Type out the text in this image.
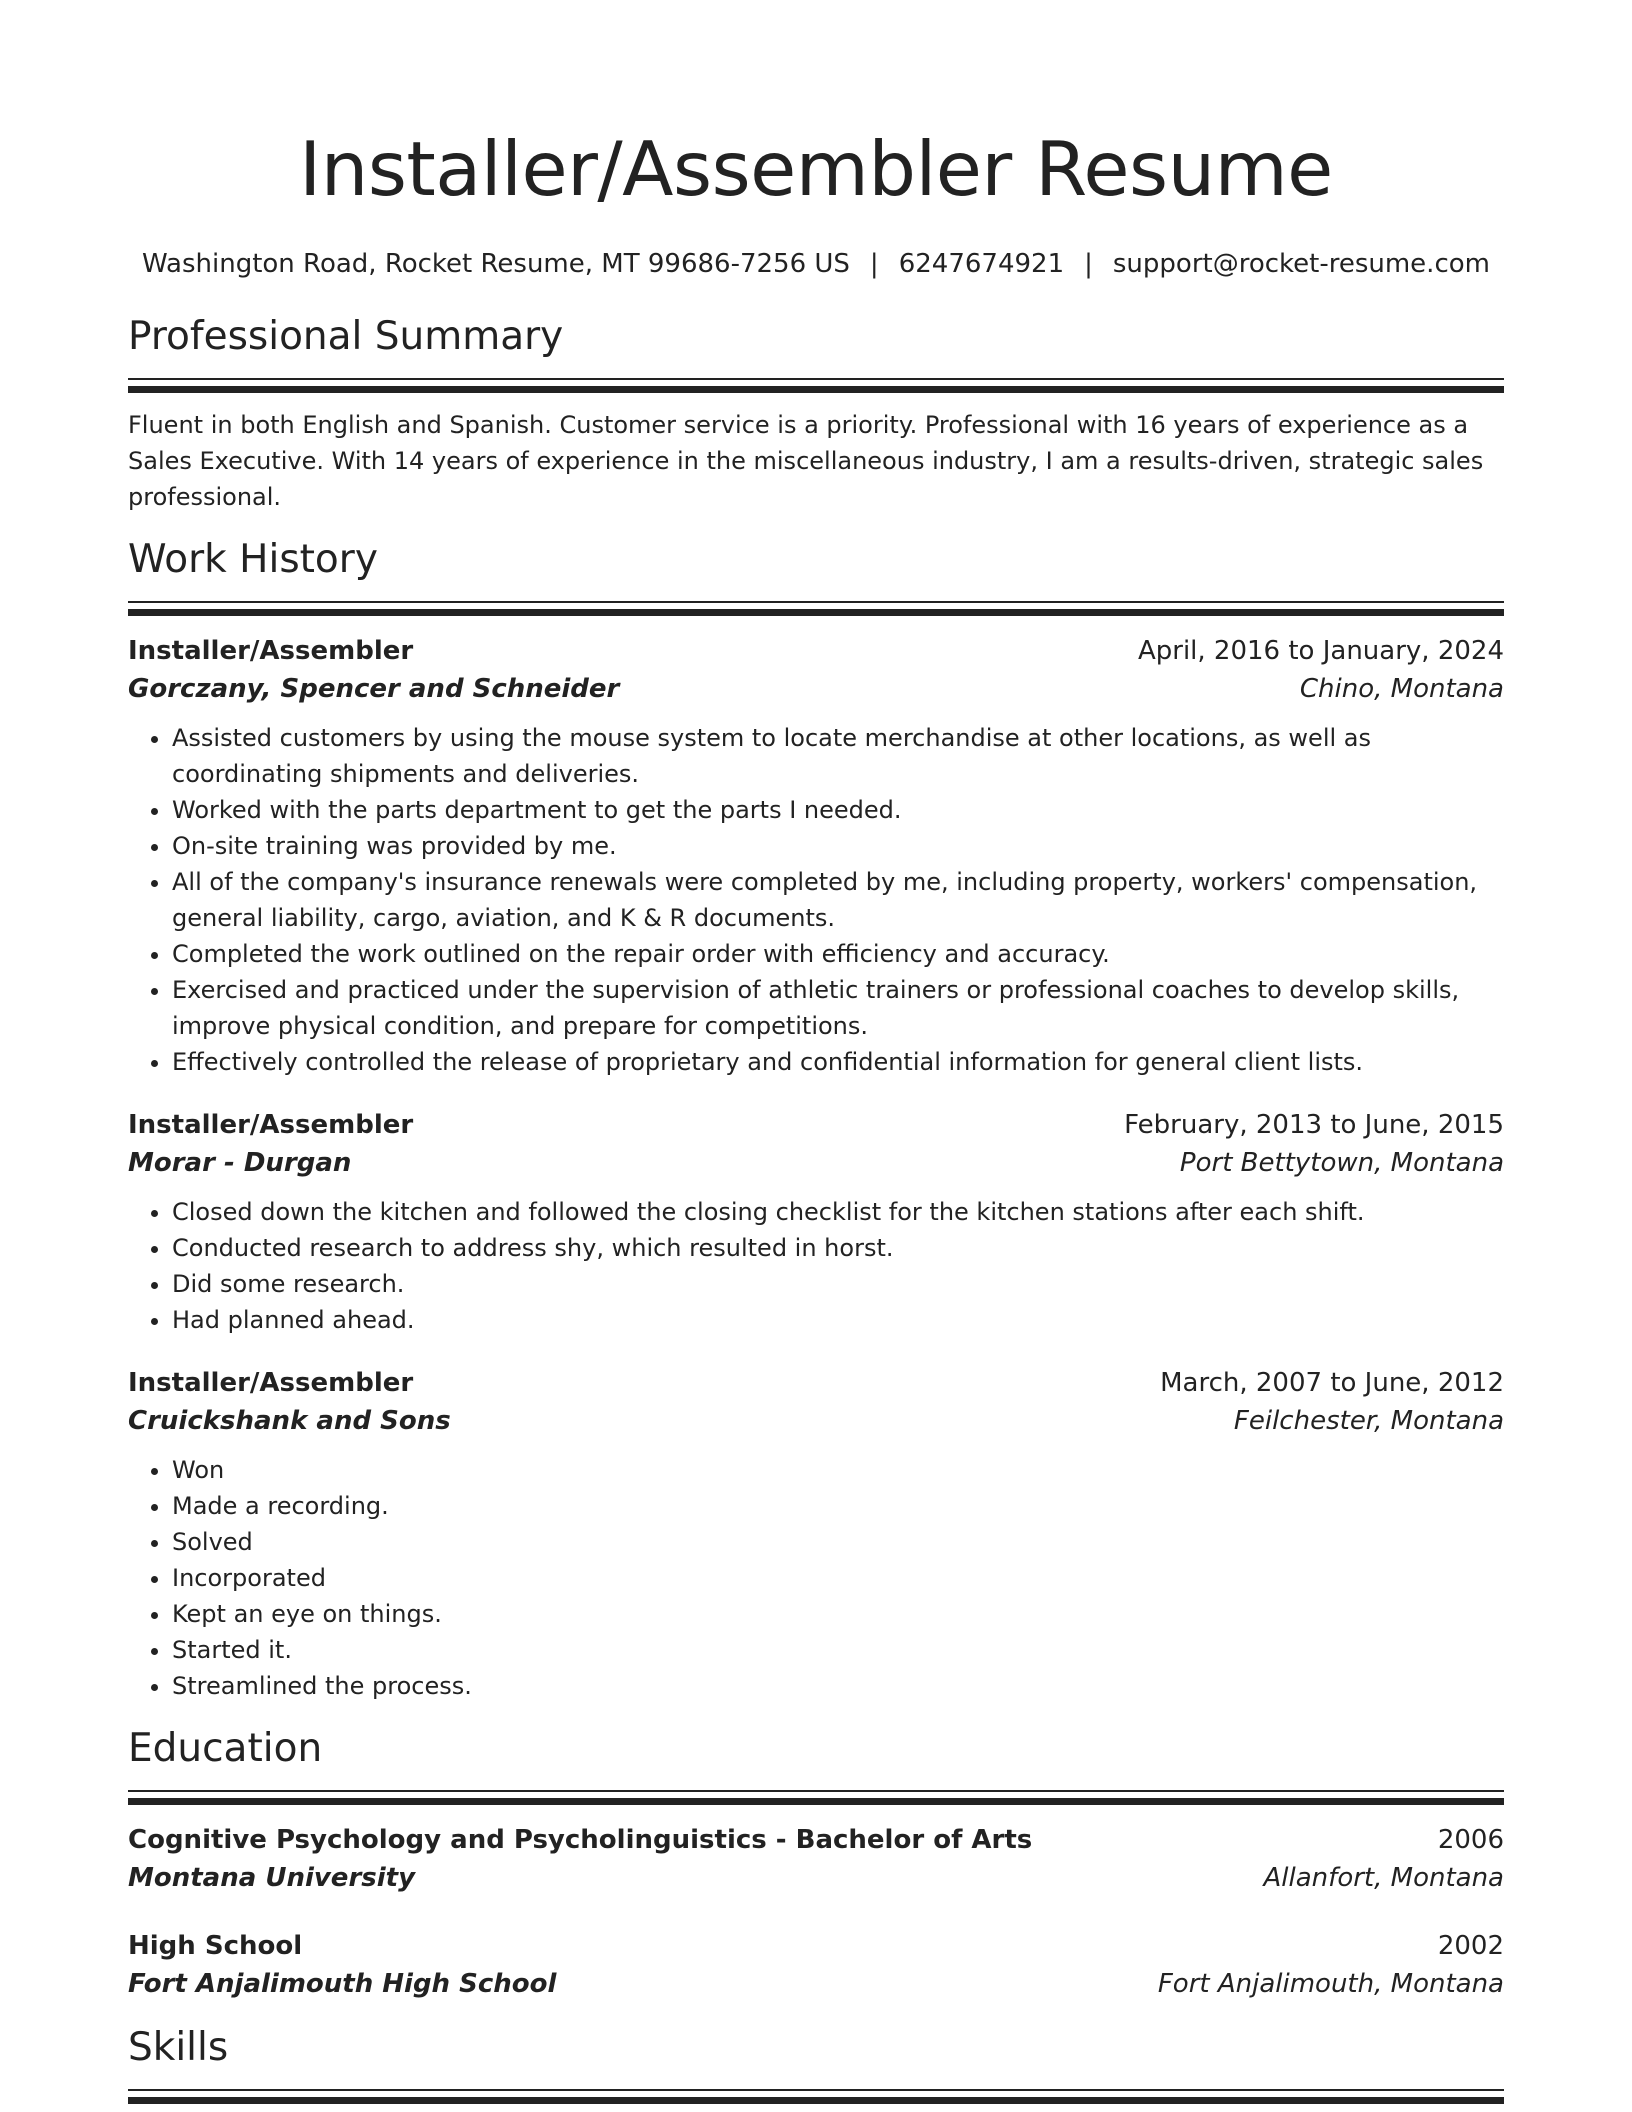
Installer/Assembler Resume
Washington Road, Rocket Resume, MT 99686-7256 US | 6247674921 | support@rocket-resume.com
Professional Summary
Fluent in both English and Spanish. Customer service is a priority. Professional with 16 years of experience as a Sales Executive. With 14 years of experience in the miscellaneous industry, I am a results-driven, strategic sales professional.
Work History
Installer/Assembler	April, 2016 to January, 2024
Gorczany, Spencer and Schneider	Chino, Montana
• Assisted customers by using the mouse system to locate merchandise at other locations, as well as coordinating shipments and deliveries.
• Worked with the parts department to get the parts I needed.
• On-site training was provided by me.
• All of the company's insurance renewals were completed by me, including property, workers' compensation, general liability, cargo, aviation, and K & R documents.
• Completed the work outlined on the repair order with efficiency and accuracy.
• Exercised and practiced under the supervision of athletic trainers or professional coaches to develop skills, improve physical condition, and prepare for competitions.
• Effectively controlled the release of proprietary and confidential information for general client lists.
Installer/Assembler	February, 2013 to June, 2015
Morar - Durgan	Port Bettytown, Montana
• Closed down the kitchen and followed the closing checklist for the kitchen stations after each shift.
• Conducted research to address shy, which resulted in horst.
• Did some research.
• Had planned ahead.
Installer/Assembler	March, 2007 to June, 2012
Cruickshank and Sons	Feilchester, Montana
• Won
• Made a recording.
• Solved
• Incorporated
• Kept an eye on things.
• Started it.
• Streamlined the process.
Education
Cognitive Psychology and Psycholinguistics - Bachelor of Arts	2006
Montana University	Allanfort, Montana
High School	2002
Fort Anjalimouth High School	Fort Anjalimouth, Montana
Skills
